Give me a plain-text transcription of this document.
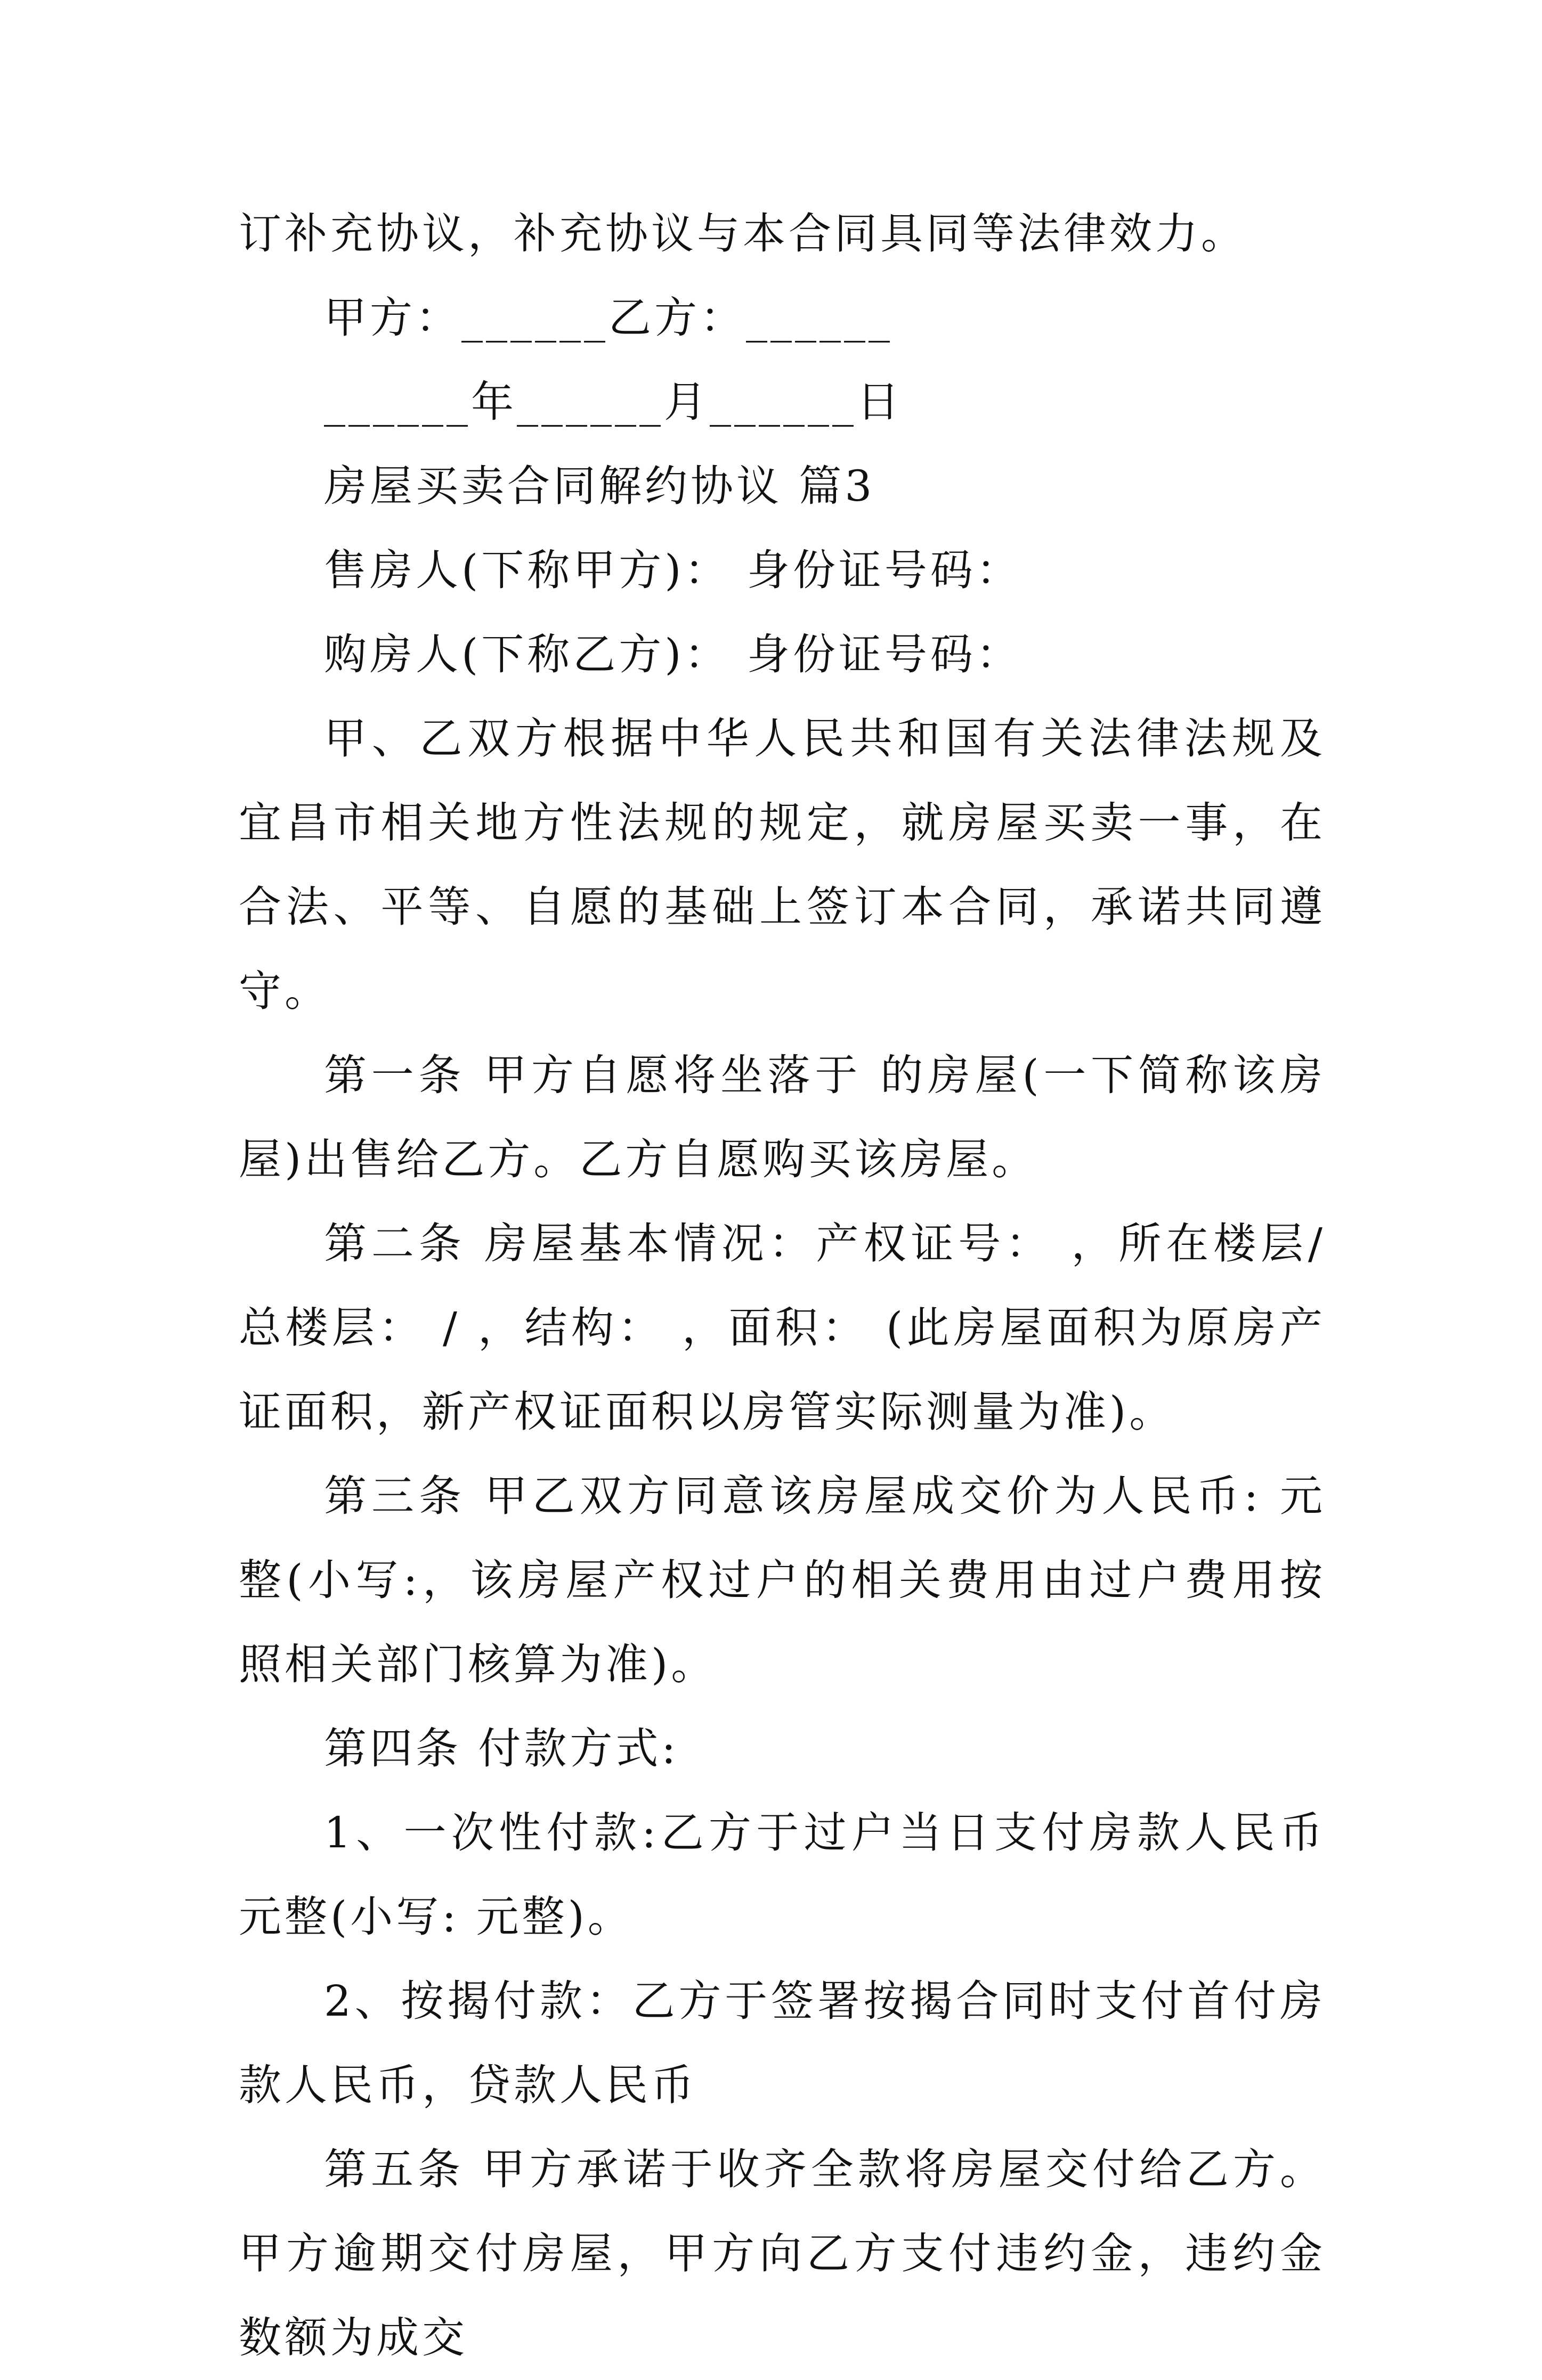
订补充协议，补充协议与本合同具同等法律效力。

甲方：______乙方：______

______年______月______日

房屋买卖合同解约协议 篇3

售房人(下称甲方)： 身份证号码：

购房人(下称乙方)： 身份证号码：

甲、乙双方根据中华人民共和国有关法律法规及宜昌市相关地方性法规的规定，就房屋买卖一事，在合法、平等、自愿的基础上签订本合同，承诺共同遵守。

第一条 甲方自愿将坐落于 的房屋(一下简称该房屋)出售给乙方。乙方自愿购买该房屋。

第二条 房屋基本情况：产权证号： ，所在楼层/总楼层： / ，结构： ，面积： (此房屋面积为原房产证面积，新产权证面积以房管实际测量为准)。

第三条 甲乙双方同意该房屋成交价为人民币: 元整(小写:，该房屋产权过户的相关费用由过户费用按照相关部门核算为准)。

第四条 付款方式:

1、一次性付款:乙方于过户当日支付房款人民币元整(小写: 元整)。

2、按揭付款：乙方于签署按揭合同时支付首付房款人民币，贷款人民币

第五条 甲方承诺于收齐全款将房屋交付给乙方。甲方逾期交付房屋，甲方向乙方支付违约金，违约金数额为成交
